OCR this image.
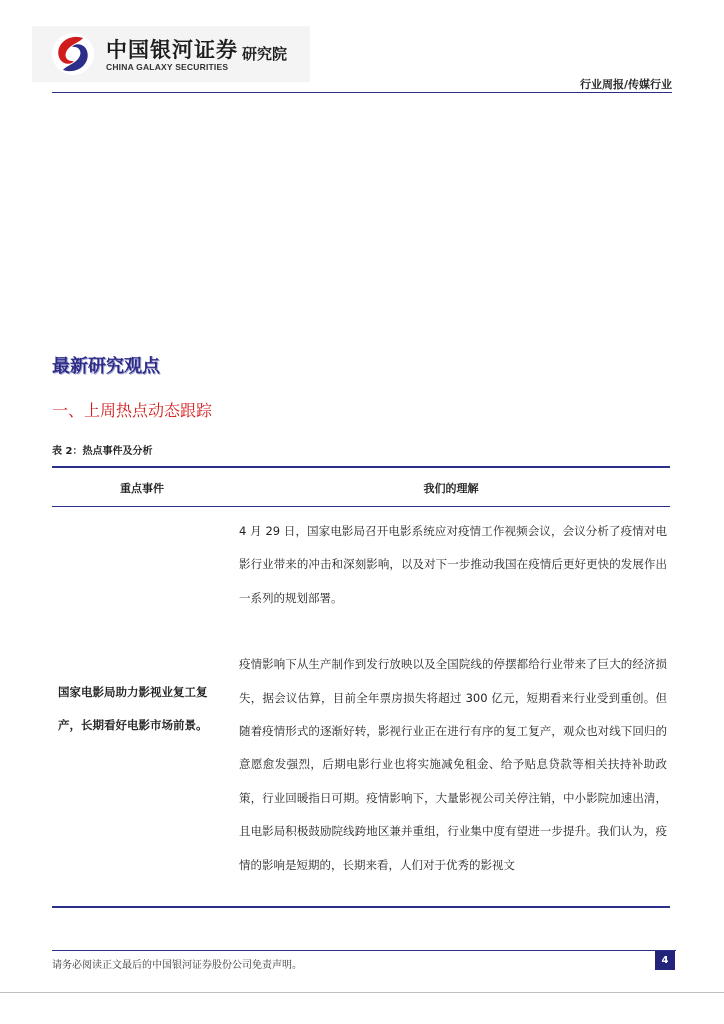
中国银河证券
CHINA GALAXY SECURITIES
研究院
行业周报/传媒行业
最新研究观点
一、上周热点动态跟踪
表 2：热点事件及分析
重点事件	我们的理解
国家电影局助力影视业复工复产，长期看好电影市场前景。

4 月 29 日，国家电影局召开电影系统应对疫情工作视频会议，会议分析了疫情对电影行业带来的冲击和深刻影响，以及对下一步推动我国在疫情后更好更快的发展作出一系列的规划部署。

疫情影响下从生产制作到发行放映以及全国院线的停摆都给行业带来了巨大的经济损失，据会议估算，目前全年票房损失将超过 300 亿元，短期看来行业受到重创。但随着疫情形式的逐渐好转，影视行业正在进行有序的复工复产，观众也对线下回归的意愿愈发强烈，后期电影行业也将实施减免租金、给予贴息贷款等相关扶持补助政策，行业回暖指日可期。疫情影响下，大量影视公司关停注销，中小影院加速出清，且电影局积极鼓励院线跨地区兼并重组，行业集中度有望进一步提升。我们认为，疫情的影响是短期的，长期来看，人们对于优秀的影视文

请务必阅读正文最后的中国银河证券股份公司免责声明。	4
